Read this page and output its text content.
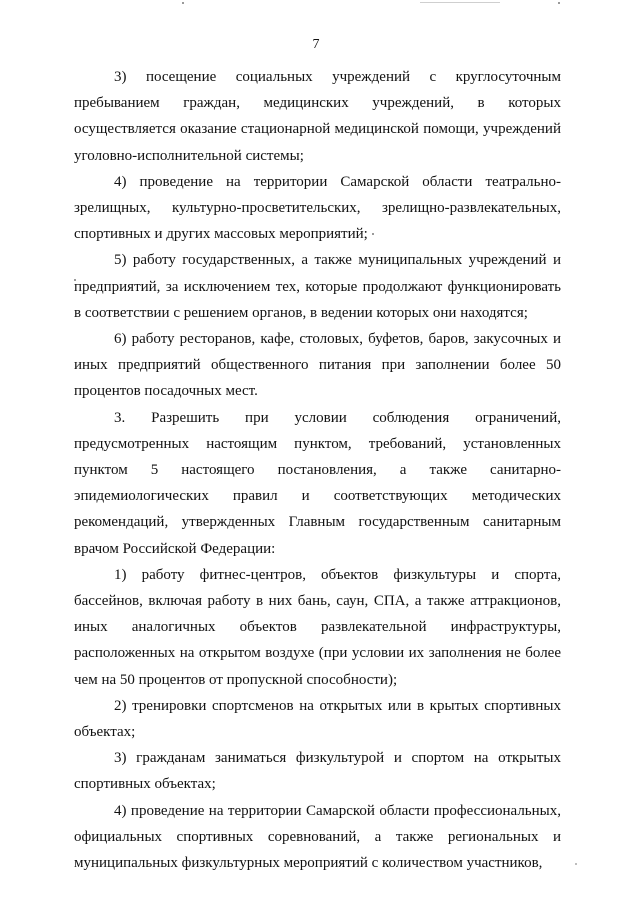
7

3) посещение социальных учреждений с круглосуточным пребыванием граждан, медицинских учреждений, в которых осуществляется оказание стационарной медицинской помощи, учреждений уголовно-исполнительной системы;

4) проведение на территории Самарской области театрально-зрелищных, культурно-просветительских, зрелищно-развлекательных, спортивных и других массовых мероприятий;

5) работу государственных, а также муниципальных учреждений и предприятий, за исключением тех, которые продолжают функционировать в соответствии с решением органов, в ведении которых они находятся;

6) работу ресторанов, кафе, столовых, буфетов, баров, закусочных и иных предприятий общественного питания при заполнении более 50 процентов посадочных мест.

3. Разрешить при условии соблюдения ограничений, предусмотренных настоящим пунктом, требований, установленных пунктом 5 настоящего постановления, а также санитарно-эпидемиологических правил и соответствующих методических рекомендаций, утвержденных Главным государственным санитарным врачом Российской Федерации:

1) работу фитнес-центров, объектов физкультуры и спорта, бассейнов, включая работу в них бань, саун, СПА, а также аттракционов, иных аналогичных объектов развлекательной инфраструктуры, расположенных на открытом воздухе (при условии их заполнения не более чем на 50 процентов от пропускной способности);

2) тренировки спортсменов на открытых или в крытых спортивных объектах;

3) гражданам заниматься физкультурой и спортом на открытых спортивных объектах;

4) проведение на территории Самарской области профессиональных, официальных спортивных соревнований, а также региональных и муниципальных физкультурных мероприятий с количеством участников,
